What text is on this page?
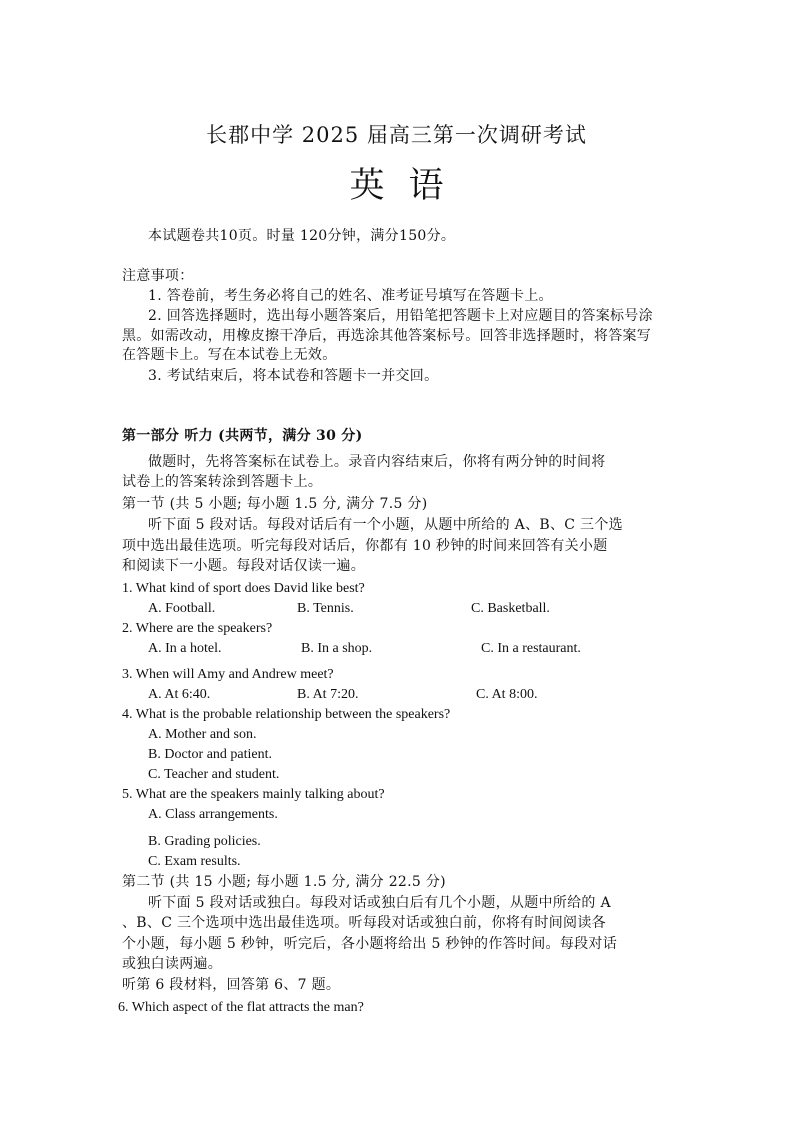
长郡中学 2025 届高三第一次调研考试
英语
本试题卷共10页。时量 120分钟，满分150分。
注意事项：
1. 答卷前，考生务必将自己的姓名、准考证号填写在答题卡上。
2. 回答选择题时，选出每小题答案后，用铅笔把答题卡上对应题目的答案标号涂
黑。如需改动，用橡皮擦干净后，再选涂其他答案标号。回答非选择题时，将答案写
在答题卡上。写在本试卷上无效。
3. 考试结束后，将本试卷和答题卡一并交回。
第一部分 听力 (共两节，满分 30 分)
做题时，先将答案标在试卷上。录音内容结束后，你将有两分钟的时间将
试卷上的答案转涂到答题卡上。
第一节 (共 5 小题; 每小题 1.5 分, 满分 7.5 分)
听下面 5 段对话。每段对话后有一个小题，从题中所给的 A、B、C 三个选
项中选出最佳选项。听完每段对话后，你都有 10 秒钟的时间来回答有关小题
和阅读下一小题。每段对话仅读一遍。
1. What kind of sport does David like best?
A. Football.	B. Tennis.	C. Basketball.
2. Where are the speakers?
A. In a hotel.	B. In a shop.	C. In a restaurant.
3. When will Amy and Andrew meet?
A. At 6:40.	B. At 7:20.	C. At 8:00.
4. What is the probable relationship between the speakers?
A. Mother and son.
B. Doctor and patient.
C. Teacher and student.
5. What are the speakers mainly talking about?
A. Class arrangements.
B. Grading policies.
C. Exam results.
第二节 (共 15 小题; 每小题 1.5 分, 满分 22.5 分)
听下面 5 段对话或独白。每段对话或独白后有几个小题，从题中所给的 A
、B、C 三个选项中选出最佳选项。听每段对话或独白前，你将有时间阅读各
个小题，每小题 5 秒钟，听完后，各小题将给出 5 秒钟的作答时间。每段对话
或独白读两遍。
听第 6 段材料，回答第 6、7 题。
6. Which aspect of the flat attracts the man?
